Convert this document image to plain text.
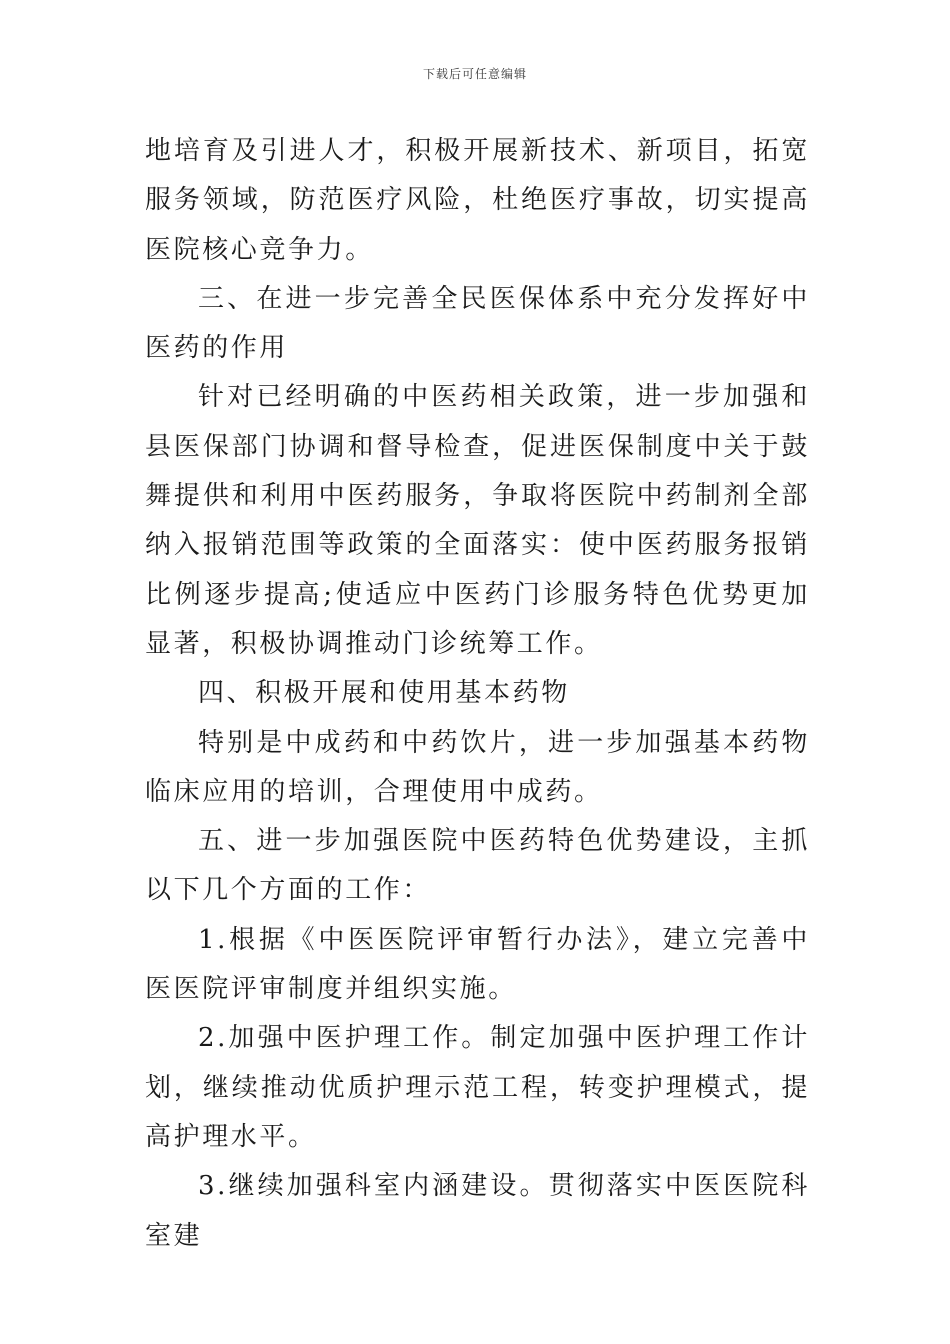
下载后可任意编辑

地培育及引进人才，积极开展新技术、新项目，拓宽服务领域，防范医疗风险，杜绝医疗事故，切实提高医院核心竞争力。

三、在进一步完善全民医保体系中充分发挥好中医药的作用

针对已经明确的中医药相关政策，进一步加强和县医保部门协调和督导检查，促进医保制度中关于鼓舞提供和利用中医药服务，争取将医院中药制剂全部纳入报销范围等政策的全面落实：使中医药服务报销比例逐步提高;使适应中医药门诊服务特色优势更加显著，积极协调推动门诊统筹工作。

四、积极开展和使用基本药物

特别是中成药和中药饮片，进一步加强基本药物临床应用的培训，合理使用中成药。

五、进一步加强医院中医药特色优势建设，主抓以下几个方面的工作：

1.根据《中医医院评审暂行办法》，建立完善中医医院评审制度并组织实施。

2.加强中医护理工作。制定加强中医护理工作计划，继续推动优质护理示范工程，转变护理模式，提高护理水平。

3.继续加强科室内涵建设。贯彻落实中医医院科室建
